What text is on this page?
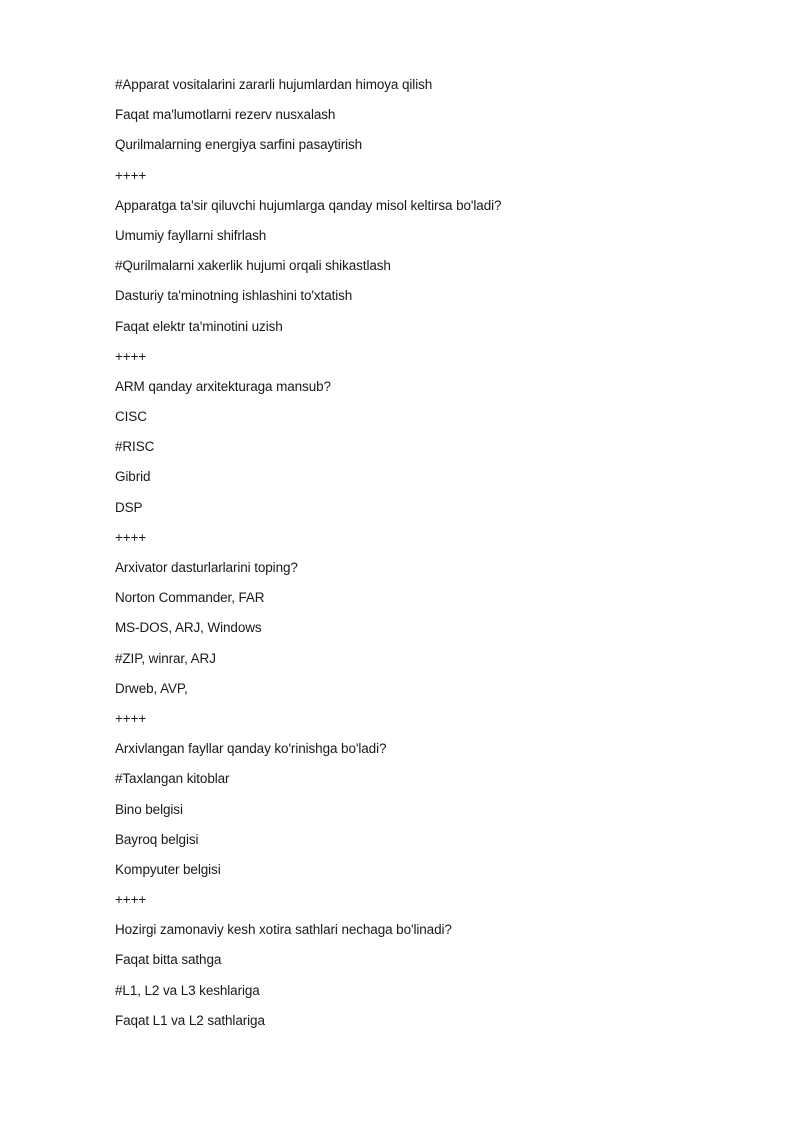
#Apparat vositalarini zararli hujumlardan himoya qilish
Faqat ma'lumotlarni rezerv nusxalash
Qurilmalarning energiya sarfini pasaytirish
++++
Apparatga ta'sir qiluvchi hujumlarga qanday misol keltirsa bo'ladi?
Umumiy fayllarni shifrlash
#Qurilmalarni xakerlik hujumi orqali shikastlash
Dasturiy ta'minotning ishlashini to'xtatish
Faqat elektr ta'minotini uzish
++++
ARM qanday arxitekturaga mansub?
CISC
#RISC
Gibrid
DSP
++++
Arxivator dasturlarlarini toping?
Norton Commander, FAR
MS-DOS, ARJ, Windows
#ZIP, winrar, ARJ
Drweb, AVP,
++++
Arxivlangan fayllar qanday ko'rinishga bo'ladi?
#Taxlangan kitoblar
Bino belgisi
Bayroq belgisi
Kompyuter belgisi
++++
Hozirgi zamonaviy kesh xotira sathlari nechaga bo'linadi?
Faqat bitta sathga
#L1, L2 va L3 keshlariga
Faqat L1 va L2 sathlariga
